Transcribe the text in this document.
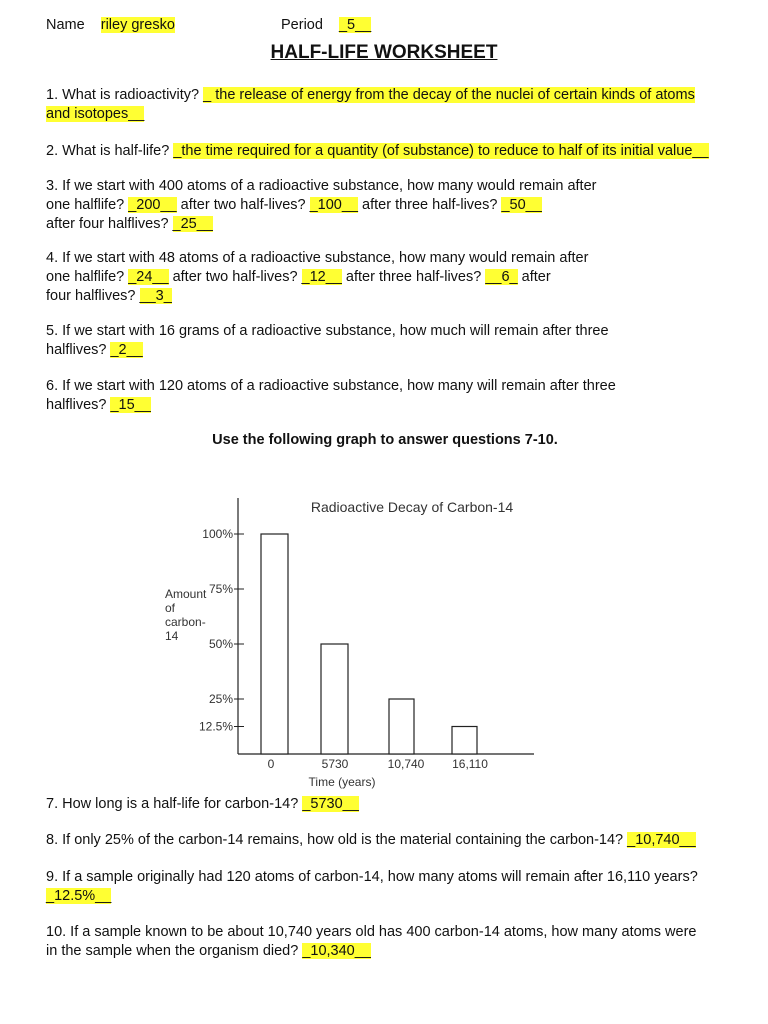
Name riley gresko	Period _5__
HALF-LIFE WORKSHEET
1. What is radioactivity? _ the release of energy from the decay of the nuclei of certain kinds of atoms
and isotopes__
2. What is half-life? _the time required for a quantity (of substance) to reduce to half of its initial value__
3. If we start with 400 atoms of a radioactive substance, how many would remain after
one halflife? _200__ after two half-lives? _100__ after three half-lives? _50__
after four halflives? _25__
4. If we start with 48 atoms of a radioactive substance, how many would remain after
one halflife? _24__ after two half-lives? _12__ after three half-lives? __6_ after
four halflives? __3_
5. If we start with 16 grams of a radioactive substance, how much will remain after three
halflives? _2__
6. If we start with 120 atoms of a radioactive substance, how many will remain after three
halflives? _15__
Use the following graph to answer questions 7-10.
Radioactive Decay of Carbon-14
Amount
of
carbon-
14
100%
75%
50%
25%
12.5%
0	5730	10,740 16,110
Time (years)
7. How long is a half-life for carbon-14? _5730__
8. If only 25% of the carbon-14 remains, how old is the material containing the carbon-14? _10,740__
9. If a sample originally had 120 atoms of carbon-14, how many atoms will remain after 16,110 years?
_12.5%__
10. If a sample known to be about 10,740 years old has 400 carbon-14 atoms, how many atoms were
in the sample when the organism died? _10,340__
